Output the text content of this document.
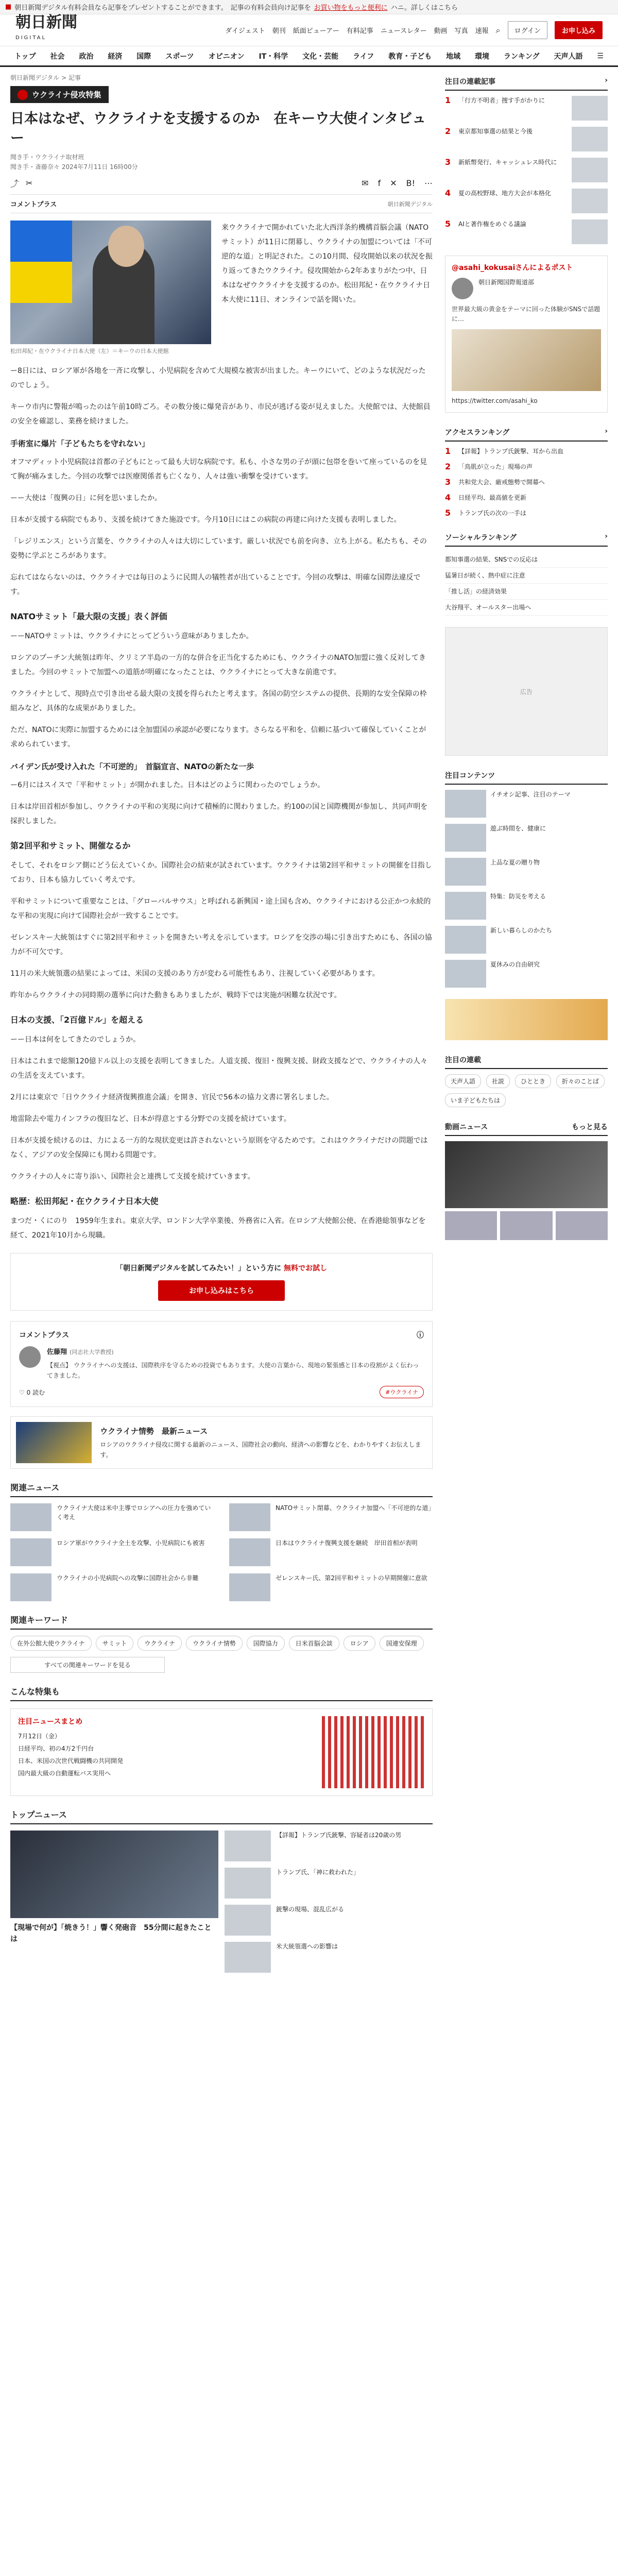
■ 朝日新聞デジタル有料会員なら記事をプレゼントすることができます。 記事の有料会員向け記事を お買い物をもっと便利に ハニ。詳しくはこちら
朝日新聞
DIGITAL
ダイジェスト 朝刊 紙面ビューアー 有料記事 ニュースレター 動画 写真 速報 ⌕	ログイン	お申し込み
トップ	社会	政治	経済	国際	スポーツ	オピニオン	IT・科学	文化・芸能	ライフ	教育・子ども	地域	環境	ランキング	天声人語	☰
朝日新聞デジタル > 記事
ウクライナ侵攻特集
日本はなぜ、ウクライナを支援するのか　在キーウ大使インタビュー
聞き手・ウクライナ取材班
聞き手・斎藤奈々 2024年7月11日 16時00分
⤴ ✂	✉ f ✕ B! ⋯
コメントプラス	朝日新聞デジタル
松田邦紀・在ウクライナ日本大使（左）＝キーウの日本大使館
来ウクライナで開かれていた北大西洋条約機構首脳会議（NATOサミット）が11日に閉幕し、ウクライナの加盟については「不可逆的な道」と明記された。この10月間、侵攻開始以来の状況を振り返ってきたウクライナ。侵攻開始から2年あまりがたつ中、日本はなぜウクライナを支援するのか。松田邦紀・在ウクライナ日本大使に11日、オンラインで話を聞いた。

ー8日には、ロシア軍が各地を一斉に攻撃し、小児病院を含めて大規模な被害が出ました。キーウにいて、どのような状況だったのでしょう。

キーウ市内に警報が鳴ったのは午前10時ごろ。その数分後に爆発音があり、市民が逃げる姿が見えました。大使館では、大使館員の安全を確認し、業務を続けました。

手術室に爆片「子どもたちを守れない」

オフマディット小児病院は首都の子どもにとって最も大切な病院です。私も、小さな男の子が頭に包帯を巻いて座っているのを見て胸が痛みました。今回の攻撃では医療関係者も亡くなり、人々は強い衝撃を受けています。

ーー大使は「復興の日」に何を思いましたか。

日本が支援する病院でもあり、支援を続けてきた施設です。今月10日にはこの病院の再建に向けた支援も表明しました。

「レジリエンス」という言葉を、ウクライナの人々は大切にしています。厳しい状況でも前を向き、立ち上がる。私たちも、その姿勢に学ぶところがあります。

忘れてはならないのは、ウクライナでは毎日のように民間人の犠牲者が出ていることです。今回の攻撃は、明確な国際法違反です。

NATOサミット「最大限の支援」表く評価

ーーNATOサミットは、ウクライナにとってどういう意味がありましたか。

ロシアのプーチン大統領は昨年、クリミア半島の一方的な併合を正当化するためにも、ウクライナのNATO加盟に強く反対してきました。今回のサミットで加盟への道筋が明確になったことは、ウクライナにとって大きな前進です。

ウクライナとして、現時点で引き出せる最大限の支援を得られたと考えます。各国の防空システムの提供、長期的な安全保障の枠組みなど、具体的な成果がありました。

ただ、NATOに実際に加盟するためには全加盟国の承認が必要になります。さらなる平和を、信頼に基づいて確保していくことが求められています。

バイデン氏が受け入れた「不可逆的」　首脳宣言、NATOの新たな一歩

ー6月にはスイスで「平和サミット」が開かれました。日本はどのように関わったのでしょうか。

日本は岸田首相が参加し、ウクライナの平和の実現に向けて積極的に関わりました。約100の国と国際機関が参加し、共同声明を採択しました。

第2回平和サミット、開催なるか

そして、それをロシア側にどう伝えていくか。国際社会の結束が試されています。ウクライナは第2回平和サミットの開催を目指しており、日本も協力していく考えです。

平和サミットについて重要なことは、「グローバルサウス」と呼ばれる新興国・途上国も含め、ウクライナにおける公正かつ永続的な平和の実現に向けて国際社会が一致することです。

ゼレンスキー大統領はすぐに第2回平和サミットを開きたい考えを示しています。ロシアを交渉の場に引き出すためにも、各国の協力が不可欠です。

11月の米大統領選の結果によっては、米国の支援のあり方が変わる可能性もあり、注視していく必要があります。

昨年からウクライナの同時期の選挙に向けた動きもありましたが、戦時下では実施が困難な状況です。

日本の支援、「2百億ドル」を超える

ーー日本は何をしてきたのでしょうか。

日本はこれまで総額120億ドル以上の支援を表明してきました。人道支援、復旧・復興支援、財政支援などで、ウクライナの人々の生活を支えています。

2月には東京で「日ウクライナ経済復興推進会議」を開き、官民で56本の協力文書に署名しました。

地雷除去や電力インフラの復旧など、日本が得意とする分野での支援を続けています。

日本が支援を続けるのは、力による一方的な現状変更は許されないという原則を守るためです。これはウクライナだけの問題ではなく、アジアの安全保障にも関わる問題です。

ウクライナの人々に寄り添い、国際社会と連携して支援を続けていきます。

略歴：松田邦紀・在ウクライナ日本大使

まつだ・くにのり　1959年生まれ。東京大学、ロンドン大学卒業後、外務省に入省。在ロシア大使館公使、在香港総領事などを経て、2021年10月から現職。

「朝日新聞デジタルを試してみたい！」という方に 無料でお試し
お申し込みはこちら
コメントプラス	ⓘ
佐藤翔 (同志社大学教授)
【視点】 ウクライナへの支援は、国際秩序を守るための投資でもあります。大使の言葉から、現地の緊張感と日本の役割がよく伝わってきました。
♡ 0 読む	#ウクライナ
ウクライナ情勢　最新ニュース
ロシアのウクライナ侵攻に関する最新のニュース、国際社会の動向、経済への影響などを、わかりやすくお伝えします。
関連ニュース
ウクライナ大使は米中主導でロシアへの圧力を強めていく考え
NATOサミット閉幕、ウクライナ加盟へ「不可逆的な道」
ロシア軍がウクライナ全土を攻撃、小児病院にも被害	日本はウクライナ復興支援を継続　岸田首相が表明
ウクライナの小児病院への攻撃に国際社会から非難	ゼレンスキー氏、第2回平和サミットの早期開催に意欲
関連キーワード
在外公館大使ウクライナ	サミット	ウクライナ	ウクライナ情勢	国際協力	日米首脳会談	ロシア	国連安保理
すべての関連キーワードを見る
こんな特集も
注目ニュースまとめ
7月12日（金）
日経平均、初の4万2千円台
日本、米国の次世代戦闘機の共同開発
国内最大級の自動運転バス実用へ
トップニュース
【現場で何が】「焼きう！」響く発砲音　55分間に起きたことは
【詳報】トランプ氏銃撃、容疑者は20歳の男
トランプ氏、「神に救われた」
銃撃の現場、混乱広がる
米大統領選への影響は
注目の連載記事	›
1	「行方不明者」捜す手がかりに
2	東京都知事選の結果と今後
3	新紙幣発行、キャッシュレス時代に
4	夏の高校野球、地方大会が本格化
5	AIと著作権をめぐる議論
@asahi_kokusaiさんによるポスト
朝日新聞国際報道部
世界最大級の黄金をテーマに回った体験がSNSで話題に…
https://twitter.com/asahi_ko
アクセスランキング	›
1	【詳報】トランプ氏銃撃、耳から出血
2	「鳥肌が立った」現場の声
3	共和党大会、厳戒態勢で開幕へ
4	日経平均、最高値を更新
5	トランプ氏の次の一手は
ソーシャルランキング	›
都知事選の結果、SNSでの反応は
猛暑日が続く、熱中症に注意
「推し活」の経済効果
大谷翔平、オールスター出場へ
広告
注目コンテンツ
イチオシ記事、注目のテーマ
遊ぶ時間を、健康に
上品な夏の贈り物
特集：防災を考える
新しい暮らしのかたち
夏休みの自由研究
注目の連載
天声人語	社説	ひととき	折々のことば
いま子どもたちは
動画ニュース	もっと見る
